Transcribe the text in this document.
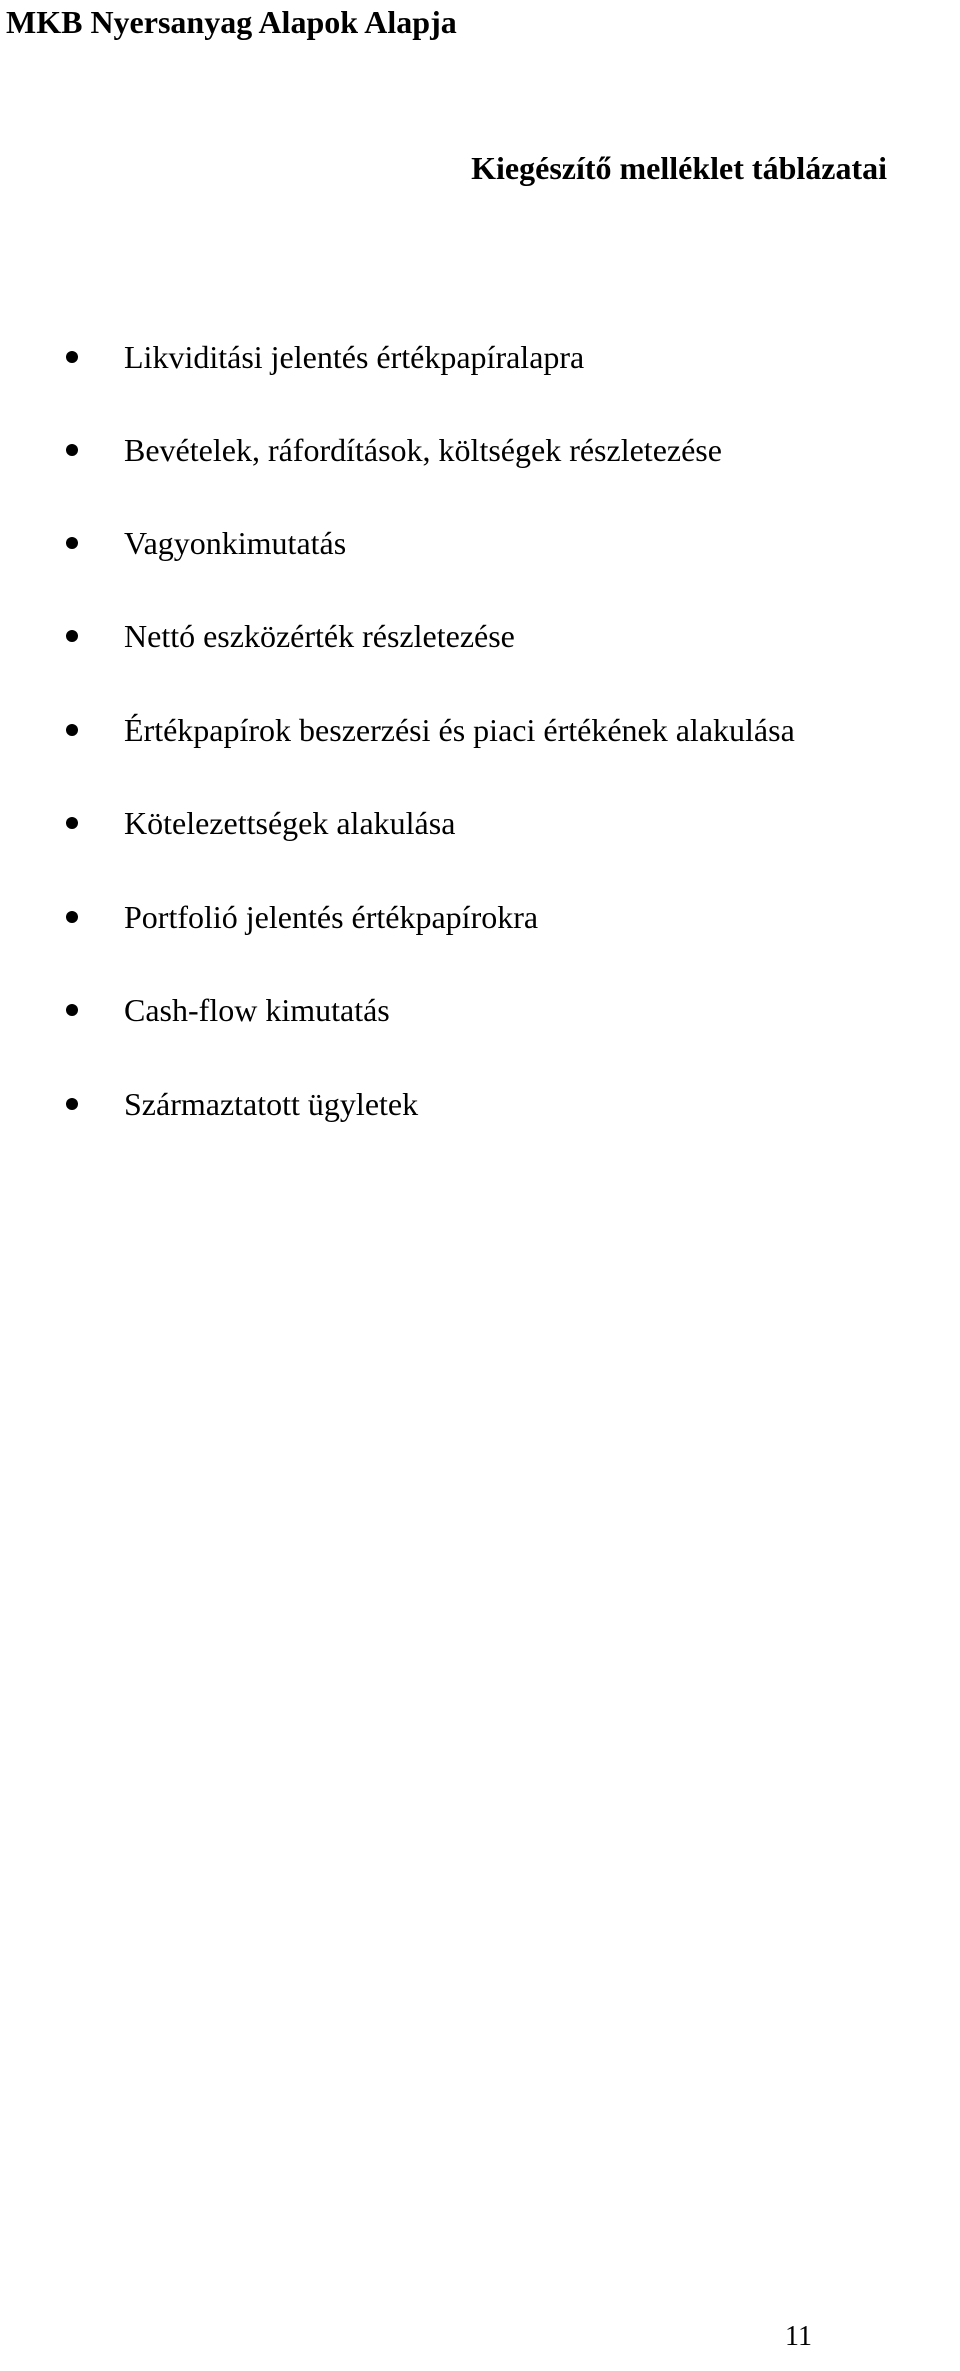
MKB Nyersanyag Alapok Alapja
Kiegészítő melléklet táblázatai
Likviditási jelentés értékpapíralapra
Bevételek, ráfordítások, költségek részletezése
Vagyonkimutatás
Nettó eszközérték részletezése
Értékpapírok beszerzési és piaci értékének alakulása
Kötelezettségek alakulása
Portfolió jelentés értékpapírokra
Cash-flow kimutatás
Származtatott ügyletek
11
